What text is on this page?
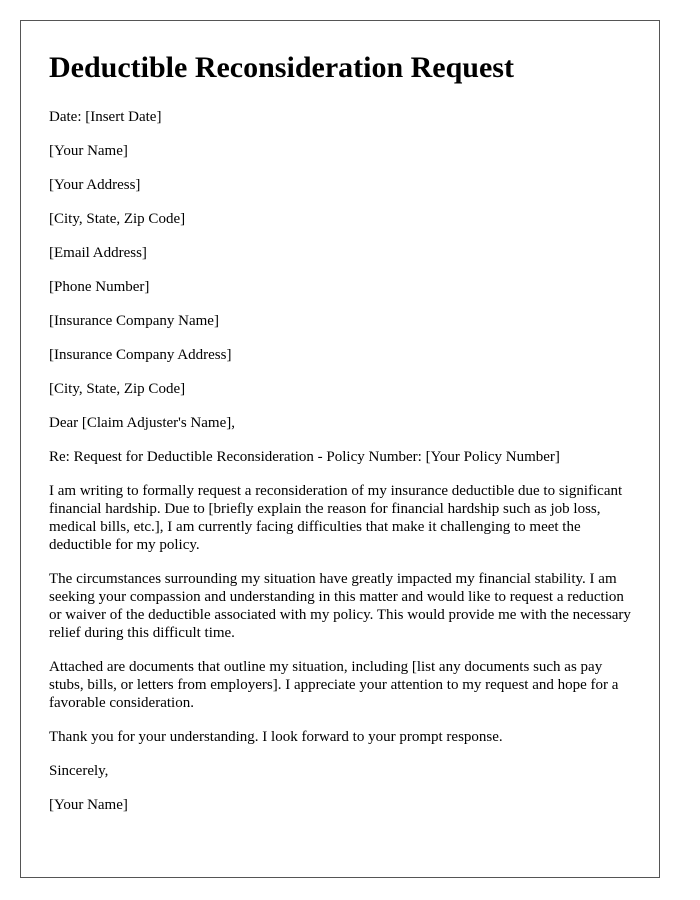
Deductible Reconsideration Request

Date: [Insert Date]

[Your Name]

[Your Address]

[City, State, Zip Code]

[Email Address]

[Phone Number]

[Insurance Company Name]

[Insurance Company Address]

[City, State, Zip Code]

Dear [Claim Adjuster's Name],

Re: Request for Deductible Reconsideration - Policy Number: [Your Policy Number]

I am writing to formally request a reconsideration of my insurance deductible due to significant financial hardship. Due to [briefly explain the reason for financial hardship such as job loss, medical bills, etc.], I am currently facing difficulties that make it challenging to meet the deductible for my policy.

The circumstances surrounding my situation have greatly impacted my financial stability. I am seeking your compassion and understanding in this matter and would like to request a reduction or waiver of the deductible associated with my policy. This would provide me with the necessary relief during this difficult time.

Attached are documents that outline my situation, including [list any documents such as pay stubs, bills, or letters from employers]. I appreciate your attention to my request and hope for a favorable consideration.

Thank you for your understanding. I look forward to your prompt response.

Sincerely,

[Your Name]
